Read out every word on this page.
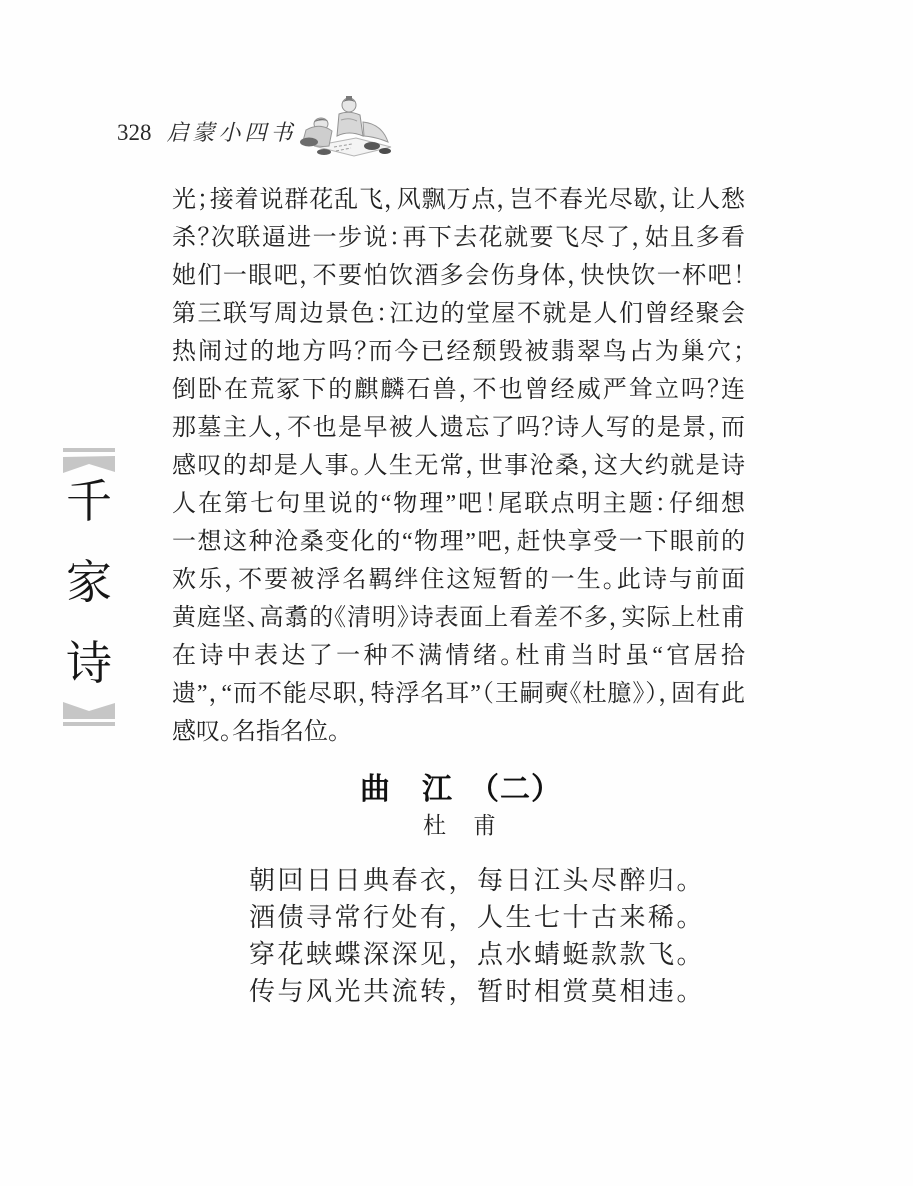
328 启蒙小四书
千
家
诗
光；接着说群花乱飞，风飘万点，岂不春光尽歇，让人愁
杀？次联逼进一步说：再下去花就要飞尽了，姑且多看
她们一眼吧，不要怕饮酒多会伤身体，快快饮一杯吧！
第三联写周边景色：江边的堂屋不就是人们曾经聚会
热闹过的地方吗？而今已经颓毁被翡翠鸟占为巢穴；
倒卧在荒冢下的麒麟石兽，不也曾经威严耸立吗？连
那墓主人，不也是早被人遗忘了吗？诗人写的是景，而
感叹的却是人事。人生无常，世事沧桑，这大约就是诗
人在第七句里说的“物理”吧！尾联点明主题：仔细想
一想这种沧桑变化的“物理”吧，赶快享受一下眼前的
欢乐，不要被浮名羁绊住这短暂的一生。此诗与前面
黄庭坚、高翥的《清明》诗表面上看差不多，实际上杜甫
在诗中表达了一种不满情绪。杜甫当时虽“官居拾
遗”，“而不能尽职，特浮名耳”（王嗣奭《杜臆》），固有此
感叹。名指名位。
曲　江　（二）
杜　甫
朝回日日典春衣，每日江头尽醉归。
酒债寻常行处有，人生七十古来稀。
穿花蛱蝶深深见，点水蜻蜓款款飞。
传与风光共流转，暂时相赏莫相违。
